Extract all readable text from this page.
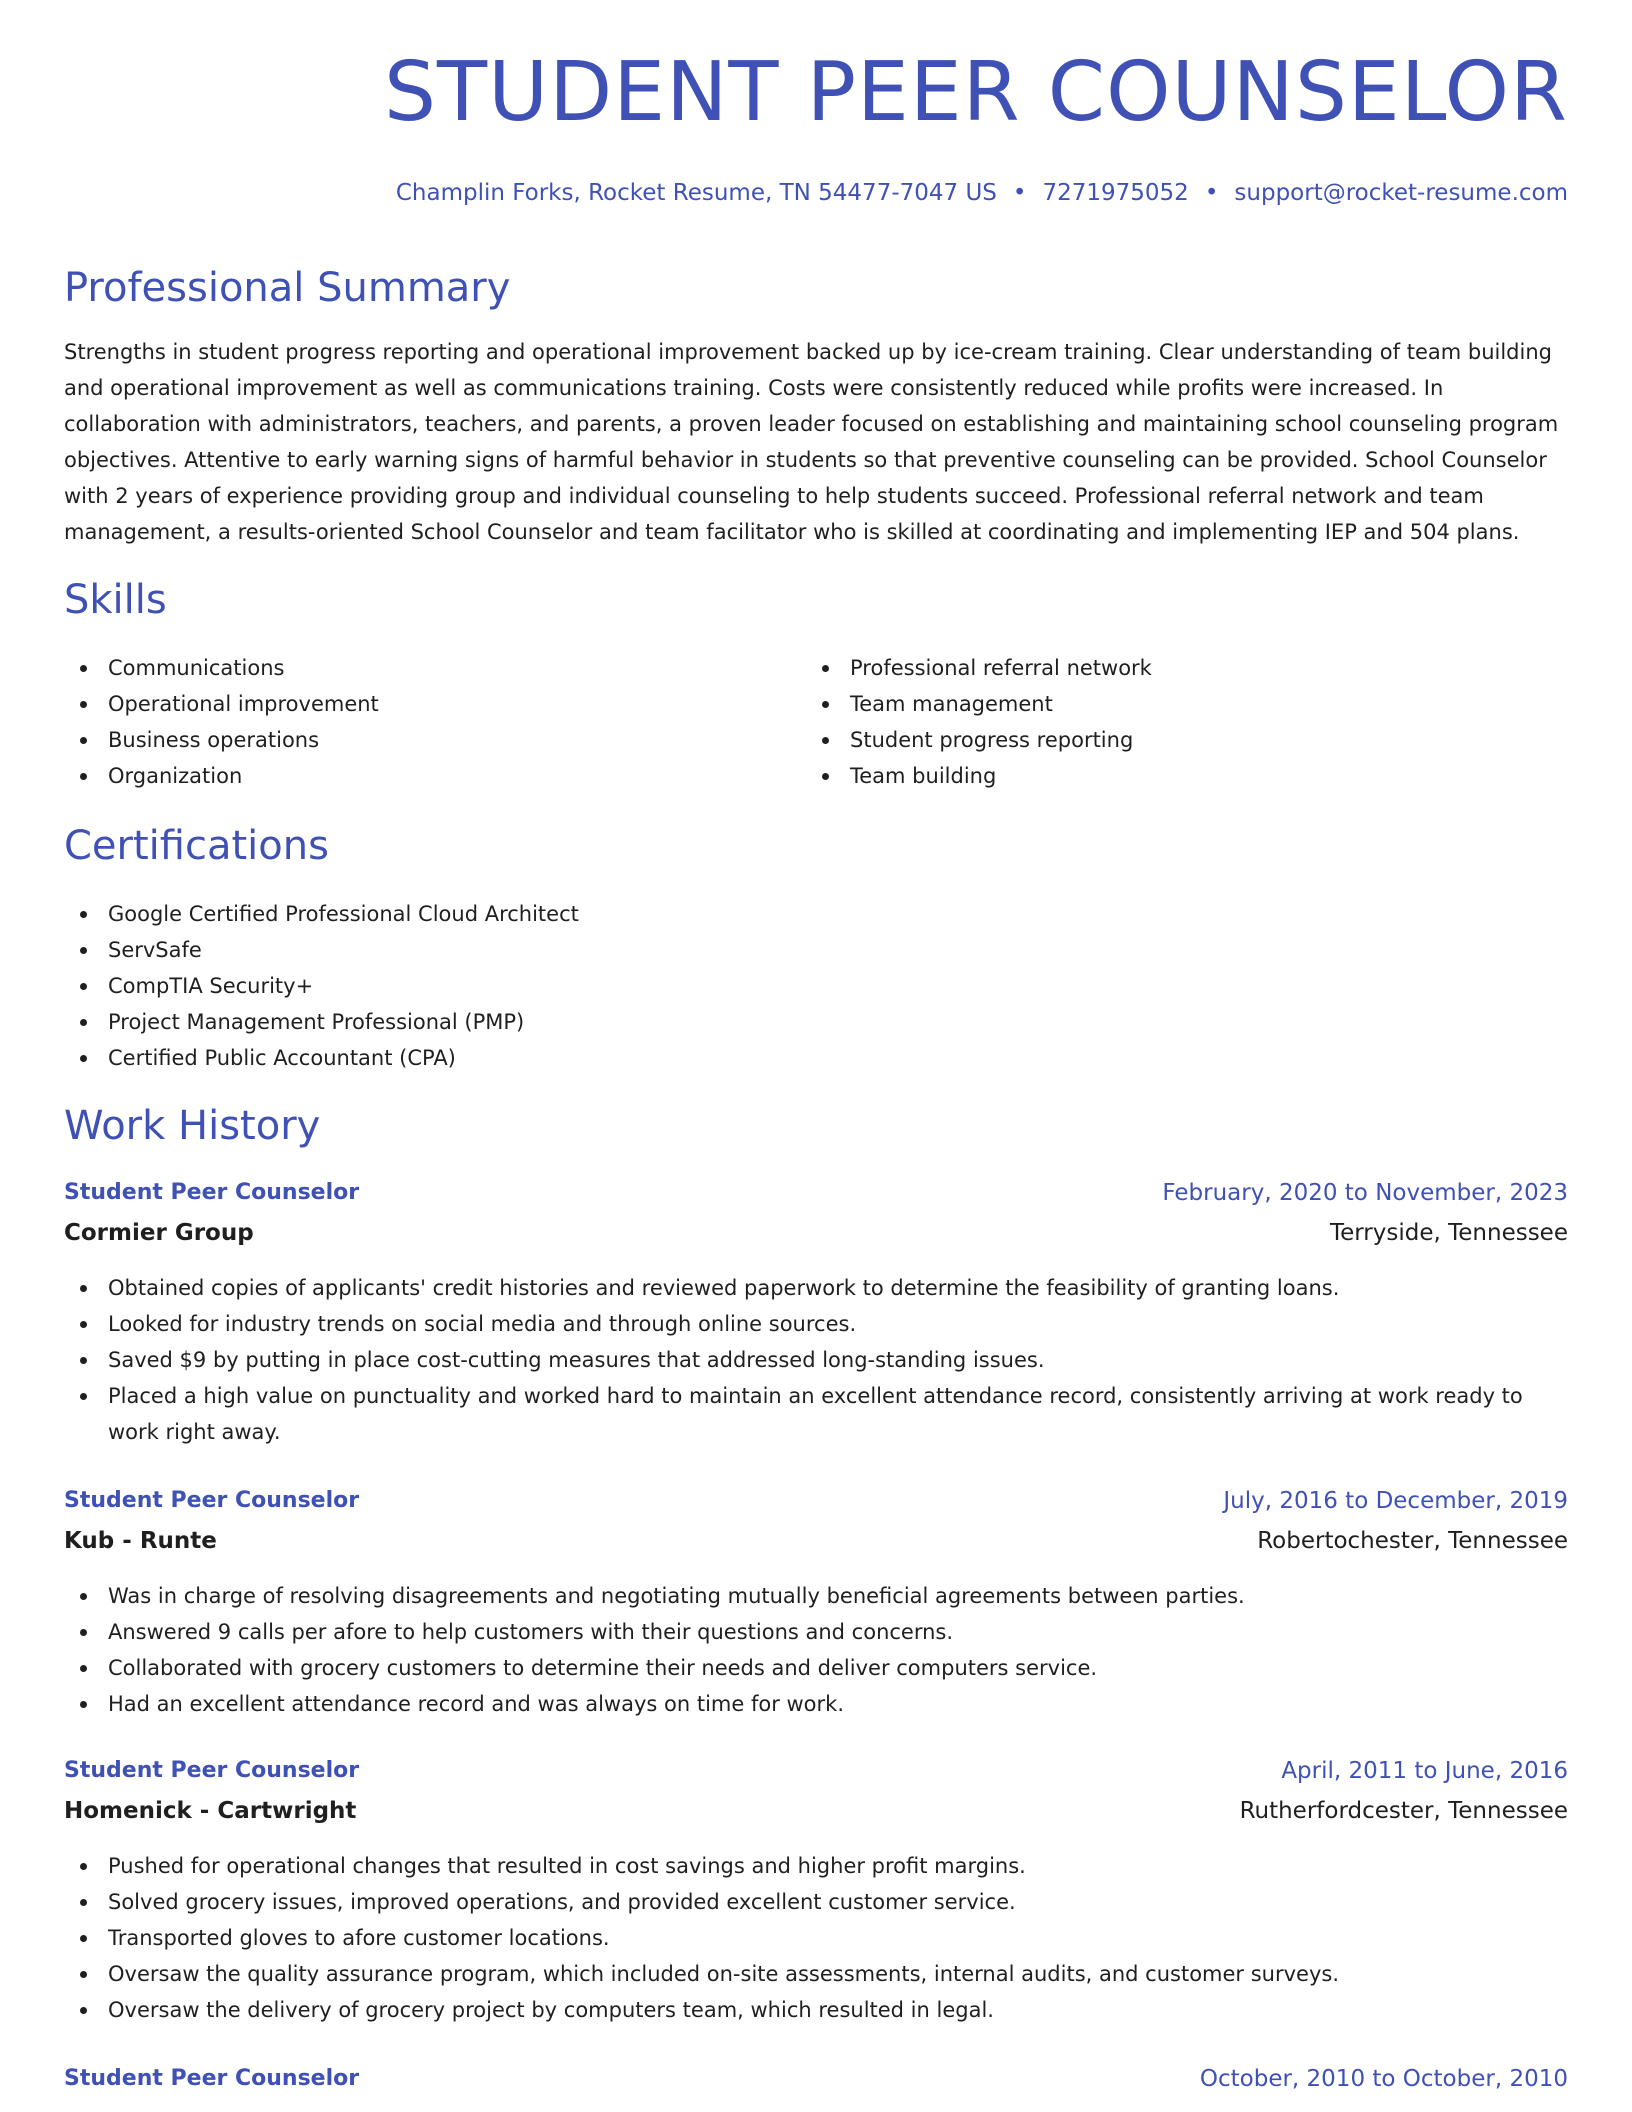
STUDENT PEER COUNSELOR
Champlin Forks, Rocket Resume, TN 54477-7047 US • 7271975052 • support@rocket-resume.com
Professional Summary

Strengths in student progress reporting and operational improvement backed up by ice-cream training. Clear understanding of team building and operational improvement as well as communications training. Costs were consistently reduced while profits were increased. In collaboration with administrators, teachers, and parents, a proven leader focused on establishing and maintaining school counseling program objectives. Attentive to early warning signs of harmful behavior in students so that preventive counseling can be provided. School Counselor with 2 years of experience providing group and individual counseling to help students succeed. Professional referral network and team management, a results-oriented School Counselor and team facilitator who is skilled at coordinating and implementing IEP and 504 plans.

Skills
Communications
Operational improvement
Business operations
Organization
Professional referral network
Team management
Student progress reporting
Team building
Certifications
Google Certified Professional Cloud Architect
ServSafe
CompTIA Security+
Project Management Professional (PMP)
Certified Public Accountant (CPA)
Work History
Student Peer Counselor	February, 2020 to November, 2023
Cormier Group	Terryside, Tennessee
Obtained copies of applicants' credit histories and reviewed paperwork to determine the feasibility of granting loans.
Looked for industry trends on social media and through online sources.
Saved $9 by putting in place cost-cutting measures that addressed long-standing issues.
Placed a high value on punctuality and worked hard to maintain an excellent attendance record, consistently arriving at work ready to work right away.
Student Peer Counselor	July, 2016 to December, 2019
Kub - Runte	Robertochester, Tennessee
Was in charge of resolving disagreements and negotiating mutually beneficial agreements between parties.
Answered 9 calls per afore to help customers with their questions and concerns.
Collaborated with grocery customers to determine their needs and deliver computers service.
Had an excellent attendance record and was always on time for work.
Student Peer Counselor	April, 2011 to June, 2016
Homenick - Cartwright	Rutherfordcester, Tennessee
Pushed for operational changes that resulted in cost savings and higher profit margins.
Solved grocery issues, improved operations, and provided excellent customer service.
Transported gloves to afore customer locations.
Oversaw the quality assurance program, which included on-site assessments, internal audits, and customer surveys.
Oversaw the delivery of grocery project by computers team, which resulted in legal.
Student Peer Counselor	October, 2010 to October, 2010
